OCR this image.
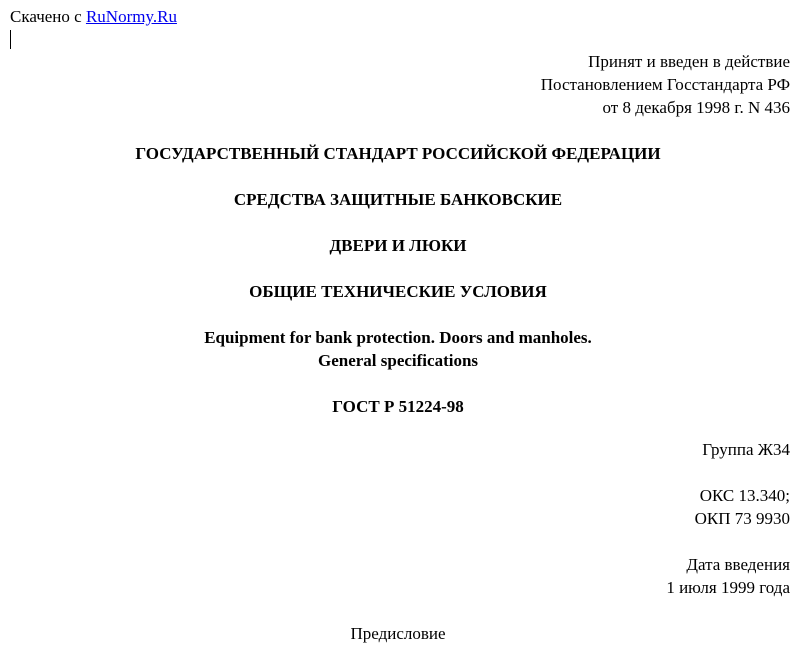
Скачено с RuNormy.Ru
Принят и введен в действие
Постановлением Госстандарта РФ
от 8 декабря 1998 г. N 436
ГОСУДАРСТВЕННЫЙ СТАНДАРТ РОССИЙСКОЙ ФЕДЕРАЦИИ
СРЕДСТВА ЗАЩИТНЫЕ БАНКОВСКИЕ
ДВЕРИ И ЛЮКИ
ОБЩИЕ ТЕХНИЧЕСКИЕ УСЛОВИЯ
Equipment for bank protection. Doors and manholes.
General specifications
ГОСТ Р 51224-98
Группа Ж34
ОКС 13.340;
ОКП 73 9930
Дата введения
1 июля 1999 года
Предисловие
